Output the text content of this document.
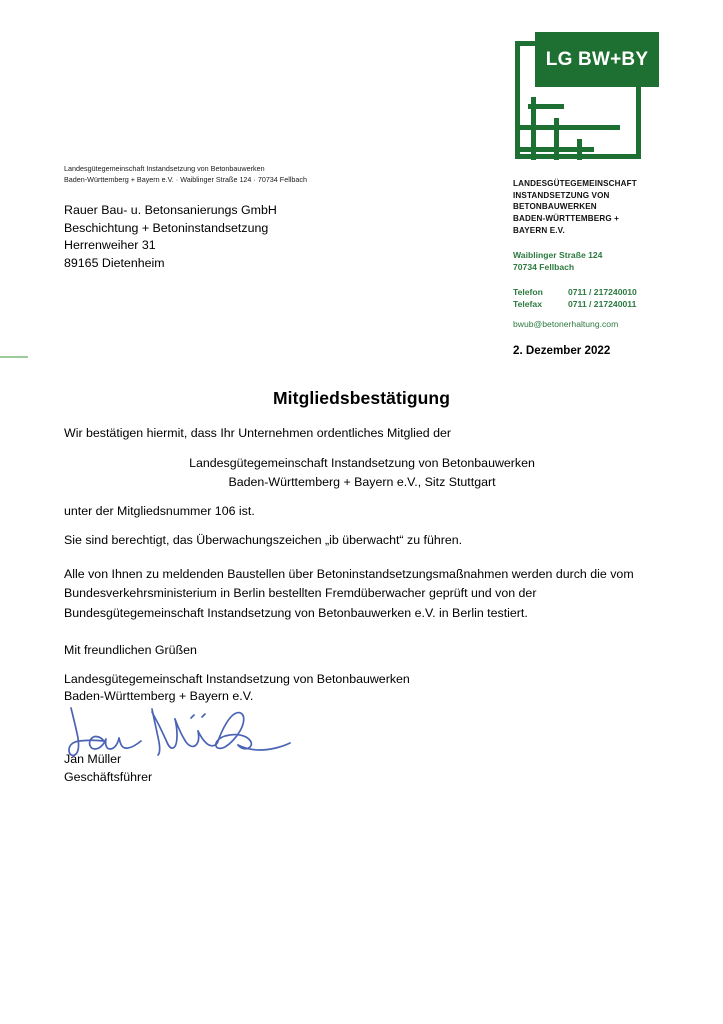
LG BW+BY
Landesgütegemeinschaft Instandsetzung von Betonbauwerken
Baden-Württemberg + Bayern e.V. · Waiblinger Straße 124 · 70734 Fellbach
Rauer Bau- u. Betonsanierungs GmbH
Beschichtung + Betoninstandsetzung
Herrenweiher 31
89165 Dietenheim
LANDESGÜTEGEMEINSCHAFT
INSTANDSETZUNG VON
BETONBAUWERKEN
BADEN-WÜRTTEMBERG +
BAYERN E.V.
Waiblinger Straße 124
70734 Fellbach
Telefon	0711 / 217240010
Telefax	0711 / 217240011
bwub@betonerhaltung.com
2. Dezember 2022
Mitgliedsbestätigung
Wir bestätigen hiermit, dass Ihr Unternehmen ordentliches Mitglied der
Landesgütegemeinschaft Instandsetzung von Betonbauwerken
Baden-Württemberg + Bayern e.V., Sitz Stuttgart
unter der Mitgliedsnummer 106 ist.
Sie sind berechtigt, das Überwachungszeichen „ib überwacht“ zu führen.
Alle von Ihnen zu meldenden Baustellen über Betoninstandsetzungsmaßnahmen werden durch die vom Bundesverkehrsministerium in Berlin bestellten Fremdüberwacher geprüft und von der Bundesgütegemeinschaft Instandsetzung von Betonbauwerken e.V. in Berlin testiert.
Mit freundlichen Grüßen
Landesgütegemeinschaft Instandsetzung von Betonbauwerken
Baden-Württemberg + Bayern e.V.
Jan Müller
Geschäftsführer
